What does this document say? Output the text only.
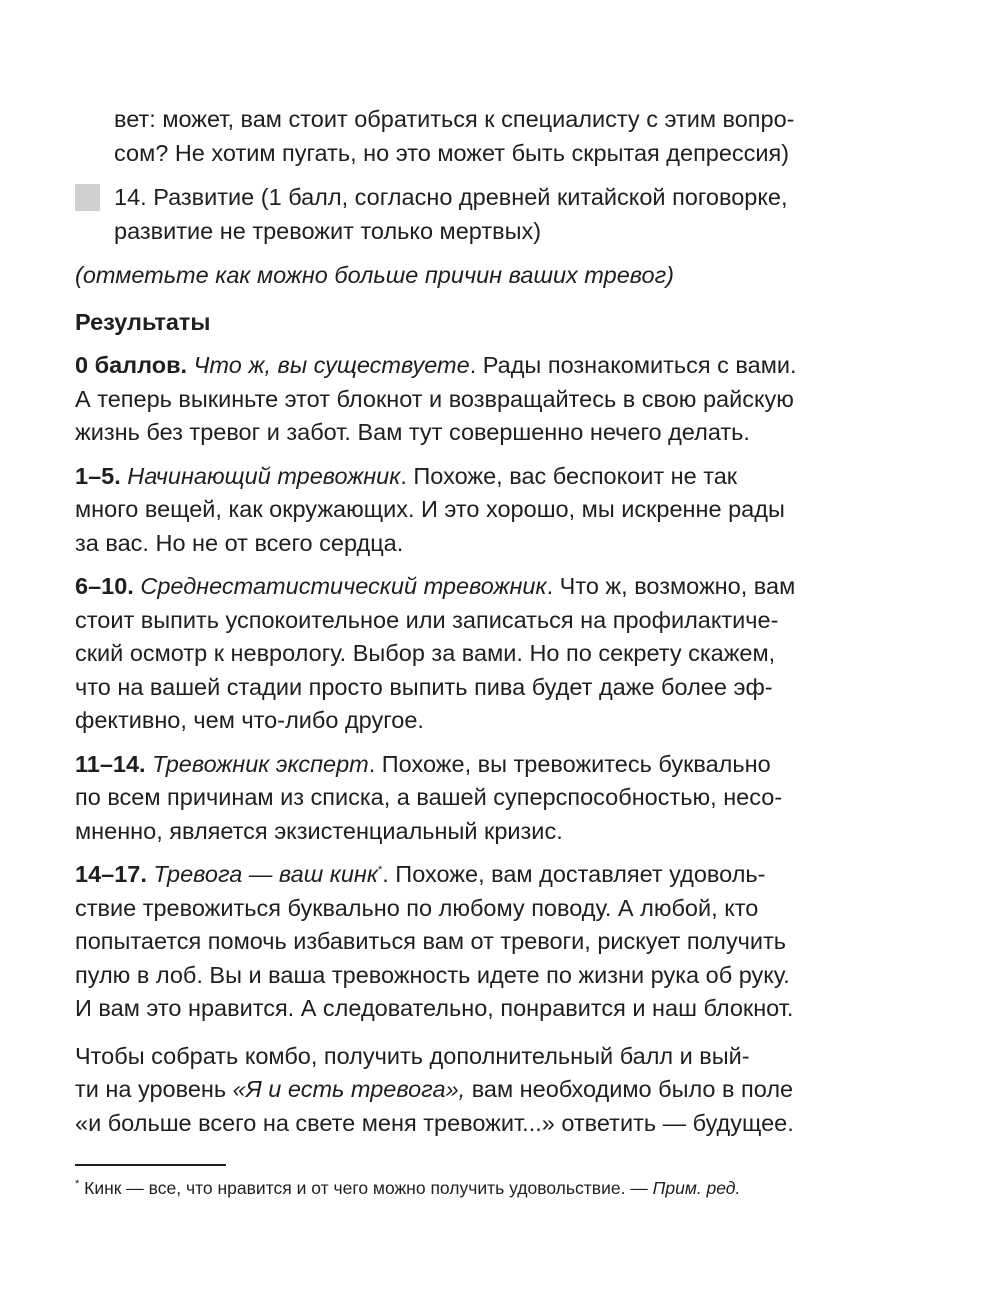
вет: может, вам стоит обратиться к специалисту с этим вопро-
сом? Не хотим пугать, но это может быть скрытая депрессия)

14. Развитие (1 балл, согласно древней китайской поговорке,
развитие не тревожит только мертвых)

(отметьте как можно больше причин ваших тревог)

Результаты

0 баллов. Что ж, вы существуете. Рады познакомиться с вами.
А теперь выкиньте этот блокнот и возвращайтесь в свою райскую
жизнь без тревог и забот. Вам тут совершенно нечего делать.

1–5. Начинающий тревожник. Похоже, вас беспокоит не так
много вещей, как окружающих. И это хорошо, мы искренне рады
за вас. Но не от всего сердца.

6–10. Среднестатистический тревожник. Что ж, возможно, вам
стоит выпить успокоительное или записаться на профилактиче-
ский осмотр к неврологу. Выбор за вами. Но по секрету скажем,
что на вашей стадии просто выпить пива будет даже более эф-
фективно, чем что-либо другое.

11–14. Тревожник эксперт. Похоже, вы тревожитесь буквально
по всем причинам из списка, а вашей суперспособностью, несо-
мненно, является экзистенциальный кризис.

14–17. Тревога — ваш кинк*. Похоже, вам доставляет удоволь-
ствие тревожиться буквально по любому поводу. А любой, кто
попытается помочь избавиться вам от тревоги, рискует получить
пулю в лоб. Вы и ваша тревожность идете по жизни рука об руку.
И вам это нравится. А следовательно, понравится и наш блокнот.

Чтобы собрать комбо, получить дополнительный балл и вый-
ти на уровень «Я и есть тревога», вам необходимо было в поле
«и больше всего на свете меня тревожит...» ответить — будущее.

* Кинк — все, что нравится и от чего можно получить удовольствие. — Прим. ред.
